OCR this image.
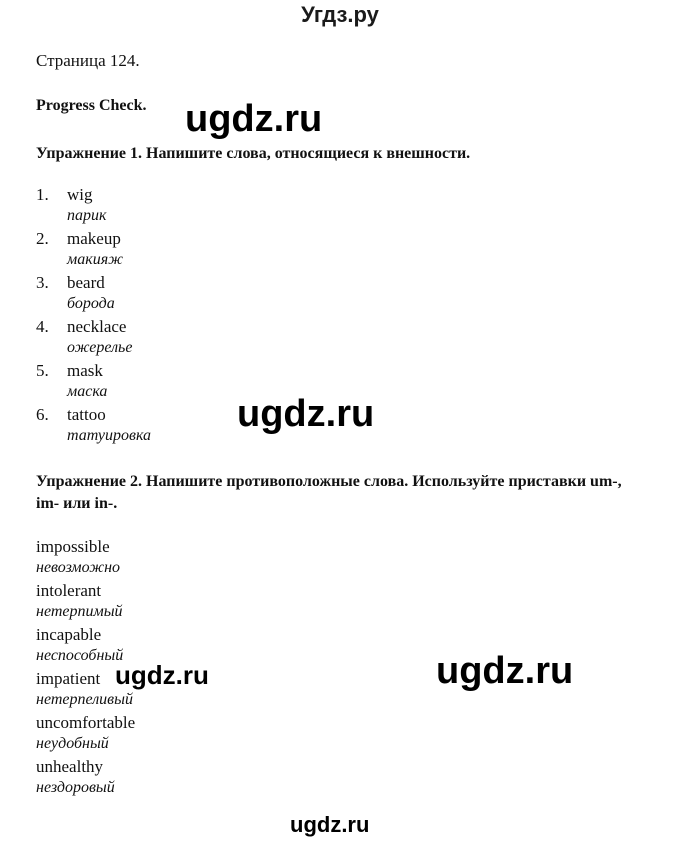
Угдз.ру
Страница 124.
Progress Check.
Упражнение 1. Напишите слова, относящиеся к внешности.
1. wig
парик
2. makeup
макияж
3. beard
борода
4. necklace
ожерелье
5. mask
маска
6. tattoo
татуировка
Упражнение 2. Напишите противоположные слова. Используйте приставки um-, im- или in-.
impossible
невозможно
intolerant
нетерпимый
incapable
неспособный
impatient
нетерпеливый
uncomfortable
неудобный
unhealthy
нездоровый
ugdz.ru
ugdz.ru
ugdz.ru	ugdz.ru
ugdz.ru
